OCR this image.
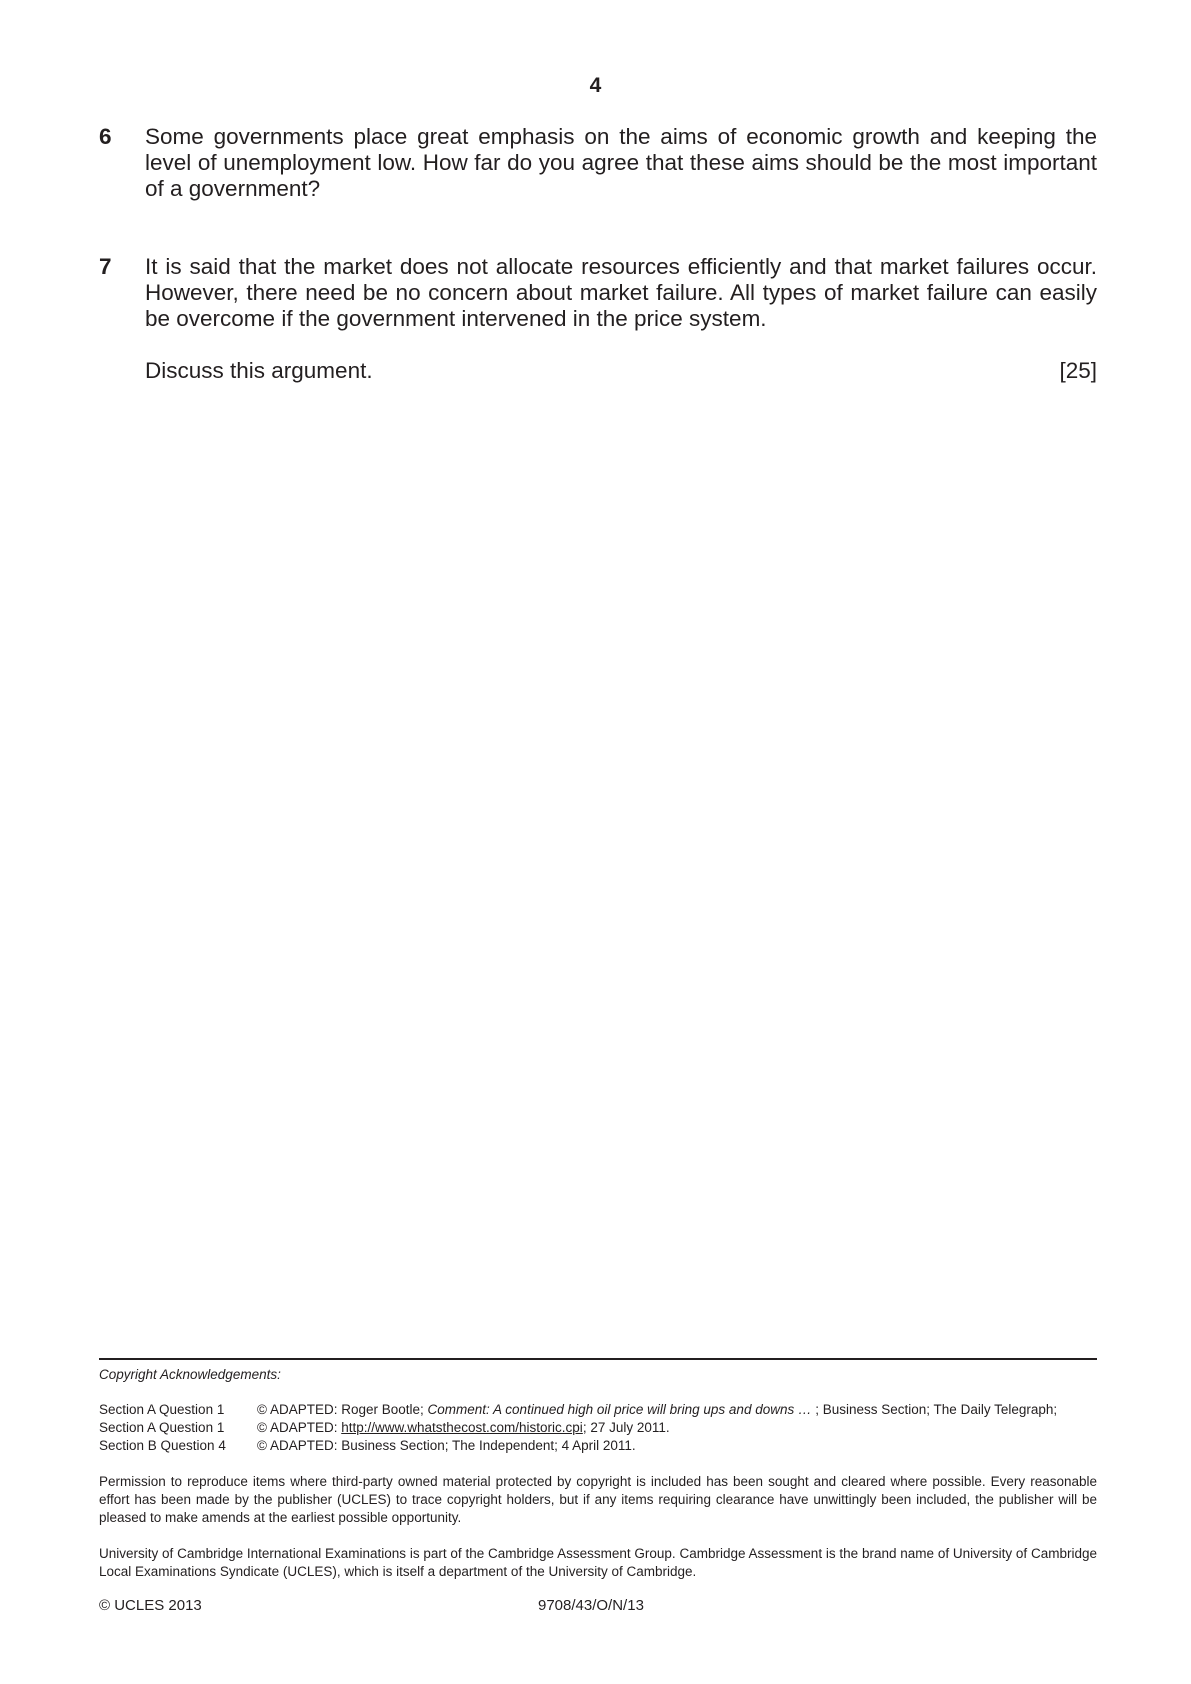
4
6 Some governments place great emphasis on the aims of economic growth and keeping the level of unemployment low. How far do you agree that these aims should be the most important of a government?
7 It is said that the market does not allocate resources efficiently and that market failures occur. However, there need be no concern about market failure. All types of market failure can easily be overcome if the government intervened in the price system.
Discuss this argument.	[25]
Copyright Acknowledgements:
Section A Question 1	© ADAPTED: Roger Bootle; Comment: A continued high oil price will bring ups and downs … ; Business Section; The Daily Telegraph;
Section A Question 1	© ADAPTED: http://www.whatsthecost.com/historic.cpi; 27 July 2011.
Section B Question 4	© ADAPTED: Business Section; The Independent; 4 April 2011.
Permission to reproduce items where third-party owned material protected by copyright is included has been sought and cleared where possible. Every reasonable effort has been made by the publisher (UCLES) to trace copyright holders, but if any items requiring clearance have unwittingly been included, the publisher will be pleased to make amends at the earliest possible opportunity.
University of Cambridge International Examinations is part of the Cambridge Assessment Group. Cambridge Assessment is the brand name of University of Cambridge Local Examinations Syndicate (UCLES), which is itself a department of the University of Cambridge.
© UCLES 2013	9708/43/O/N/13
